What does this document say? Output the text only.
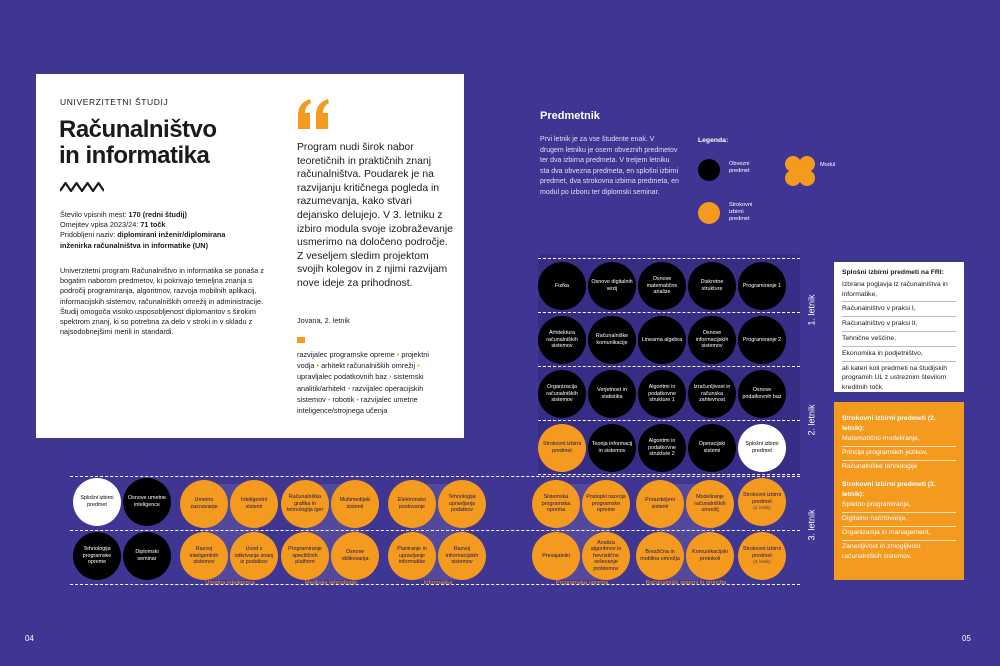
UNIVERZITETNI ŠTUDIJ
Računalništvo
in informatika
Število vpisnih mest: 170 (redni študij)
Omejitev vpisa 2023/24: 71 točk
Pridobljeni naziv: diplomirani inženir/diplomirana
inženirka računalništva in informatike (UN)
Univerzitetni program Računalništvo in informatika se ponaša z bogatim naborom predmetov, ki pokrivajo temeljna znanja s področij programiranja, algoritmov, razvoja mobilnih aplikacij, informacijskih sistemov, računalniških omrežij in administracije. Študij omogoča visoko usposobljenost diplomantov s širokim spektrom znanj, ki so potrebna za delo v stroki in v skladu z najsodobnejšimi merili in standardi.
Program nudi širok nabor teoretičnih in praktičnih znanj računalništva. Poudarek je na razvijanju kritičnega pogleda in razumevanja, kako stvari dejansko delujejo. V 3. letniku z izbiro modula svoje izobraževanje usmerimo na določeno področje. Z veseljem sledim projektom svojih kolegov in z njimi razvijam nove ideje za prihodnost.
Jovana, 2. letnik
razvijalec programske opreme • projektni vodja • arhitekt računalniških omrežij • upravljalec podatkovnih baz • sistemski analitik/arhitekt • razvijalec operacijskih sistemov • robotik • razvijalec umetne inteligence/strojnega učenja
Predmetnik
Prvi letnik je za vse študente enak. V drugem letniku je osem obveznih predmetov ter dva izbirna predmeta. V tretjem letniku sta dva obvezna predmeta, en splošni izbirni predmet, dva strokovna izbirna predmeta, en modul po izboru ter diplomski seminar.
Legenda:
Obvezni predmet
Modul
Strokovni izbirni predmet
Fizika
Osnove digitalnih vezij
Osnove matematične analize
Diskretne strukture
Programiranje 1
Arhitektura računalniških sistemov
Računalniške komunikacije
Linearna algebra
Osnove informacijskih sistemov
Programiranje 2
Organizacija računalniških sistemov
Verjetnost in statistika
Algoritmi in podatkovne strukture 1
Izračunljivost in računska zahtevnost
Osnove podatkovnih baz
Strokovni izbirni predmet
Teorija informacij in sistemov
Algoritmi in podatkovne strukture 2
Operacijski sistemi
Splošni izbirni predmet
Splošni izbirni predmet
Osnove umetne inteligence
Tehnologija programske opreme
Diplomski seminar
Umetno zaznavanje
Inteligentni sistemi
Razvoj inteligentnih sistemov
Uvod v odkrivanje znanj iz podatkov
Umetna inteligenca
Računalniška grafika in tehnologija iger
Multimedijski sistemi
Programiranje specifičnih platform
Osnove oblikovanja
Medijske tehnologije
Elektronsko poslovanje
Tehnologija upravljanja podatkov
Planiranje in upravljanje informatike
Razvoj informacijskih sistemov
Informatika
Sistemska programska oprema
Postopki razvoja programske opreme
Prevajalniki
Analiza algoritmov in hevristično reševanje problemov
Programska oprema
Porazdeljeni sistemi
Modeliranje računalniških omrežij
Brezžična in mobilna omrežja
Komunikacijski protokoli
Računalniški sistemi in omrežja
Strokovni izbirni predmet
(2. letnik)
Strokovni izbirni predmet
(3. letnik)
1. letnik
2. letnik
3. letnik
Splošni izbirni predmeti na FRI:
Izbrana poglavja iz računalništva in informatike,
Računalništvo v praksi I,
Računalništvo v praksi II,
Tehnične veščine,
Ekonomika in podjetništvo,
ali kateri koli predmeti na študijskih programih UL z ustreznim številom kreditnih točk.
Strokovni izbirni predmeti (2. letnik):
Matematično modeliranje,
Principi programskih jezikov,
Računalniške tehnologije
Strokovni izbirni predmeti (3. letnik):
Spletno programiranje,
Digitalno načrtovanje,
Organizacija in management,
Zanesljivost in zmogljivost računalniških sistemov.
04	05
